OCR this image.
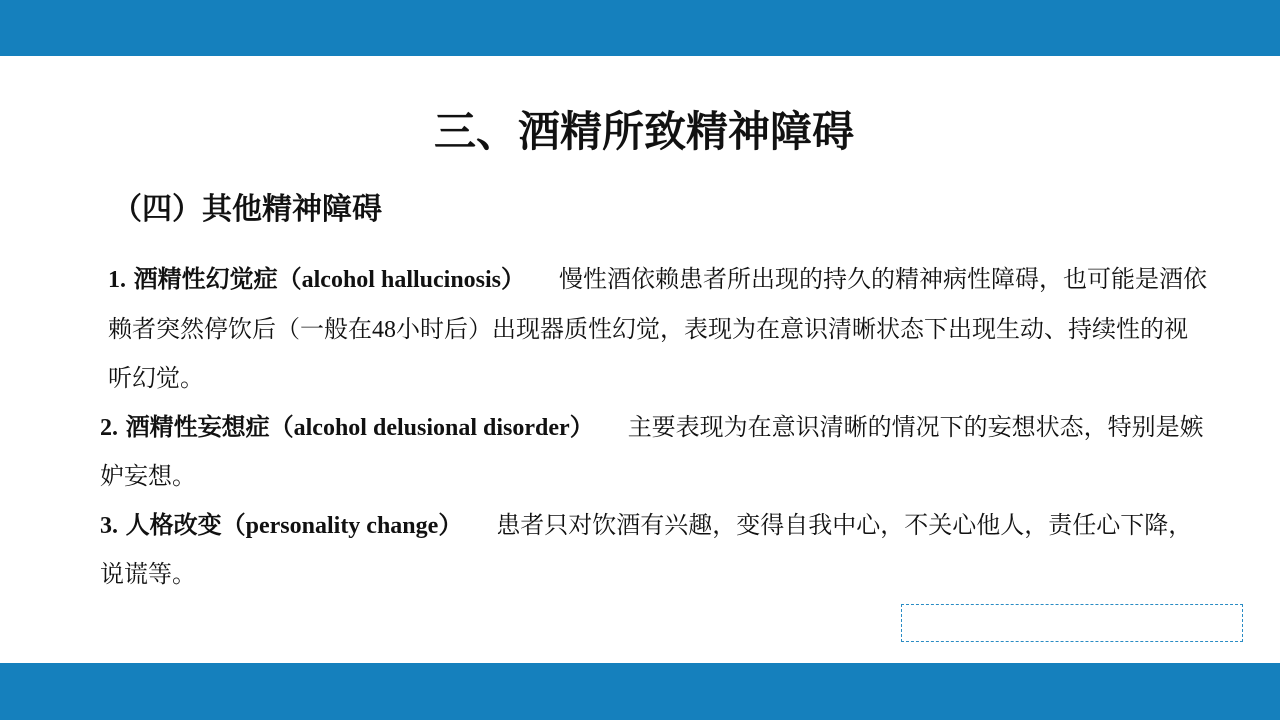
三、酒精所致精神障碍
（四）其他精神障碍

1. 酒精性幻觉症（alcohol hallucinosis） 慢性酒依赖患者所出现的持久的精神病性障碍，也可能是酒依赖者突然停饮后（一般在48小时后）出现器质性幻觉，表现为在意识清晰状态下出现生动、持续性的视听幻觉。

2. 酒精性妄想症（alcohol delusional disorder） 主要表现为在意识清晰的情况下的妄想状态，特别是嫉妒妄想。

3. 人格改变（personality change） 患者只对饮酒有兴趣，变得自我中心，不关心他人，责任心下降，说谎等。
